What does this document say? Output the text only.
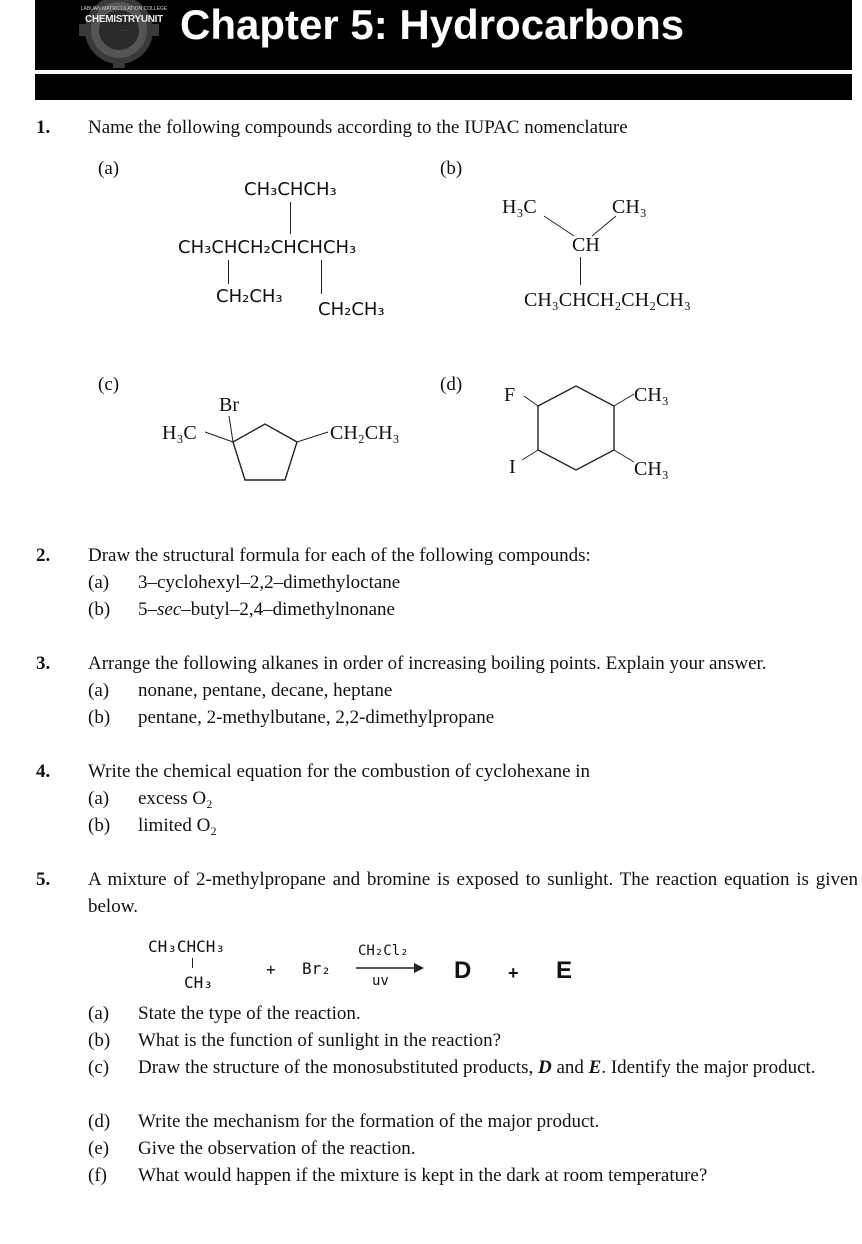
LABUAN MATRICULATION COLLEGE
CHEMISTRYUNIT
· · · · ·	Chapter 5: Hydrocarbons
1. Name the following compounds according to the IUPAC nomenclature
(a)
CH₃CHCH₃
CH₃CHCH₂CHCHCH₃
CH₂CH₃
CH₂CH₃
(b)
H₃C	CH₃
CH
CH₃CHCH₂CH₂CH₃
(c)
Br
H₃C	CH₂CH₃
(d) F
I
CH₃
CH₃
2. Draw the structural formula for each of the following compounds:
(a) 3–cyclohexyl–2,2–dimethyloctane
(b) 5–sec–butyl–2,4–dimethylnonane
3. Arrange the following alkanes in order of increasing boiling points. Explain your answer.
(a) nonane, pentane, decane, heptane
(b) pentane, 2-methylbutane, 2,2-dimethylpropane
4. Write the chemical equation for the combustion of cyclohexane in
(a) excess O₂
(b) limited O₂
5. A mixture of 2-methylpropane and bromine is exposed to sunlight. The reaction equation is given below.
CH₃CHCH₃
CH₃
+ Br₂
CH₂Cl₂
uv	D + E
(a) State the type of the reaction.
(b) What is the function of sunlight in the reaction?
(c) Draw the structure of the monosubstituted products, D and E. Identify the major product.
(d) Write the mechanism for the formation of the major product.
(e) Give the observation of the reaction.
(f) What would happen if the mixture is kept in the dark at room temperature?
